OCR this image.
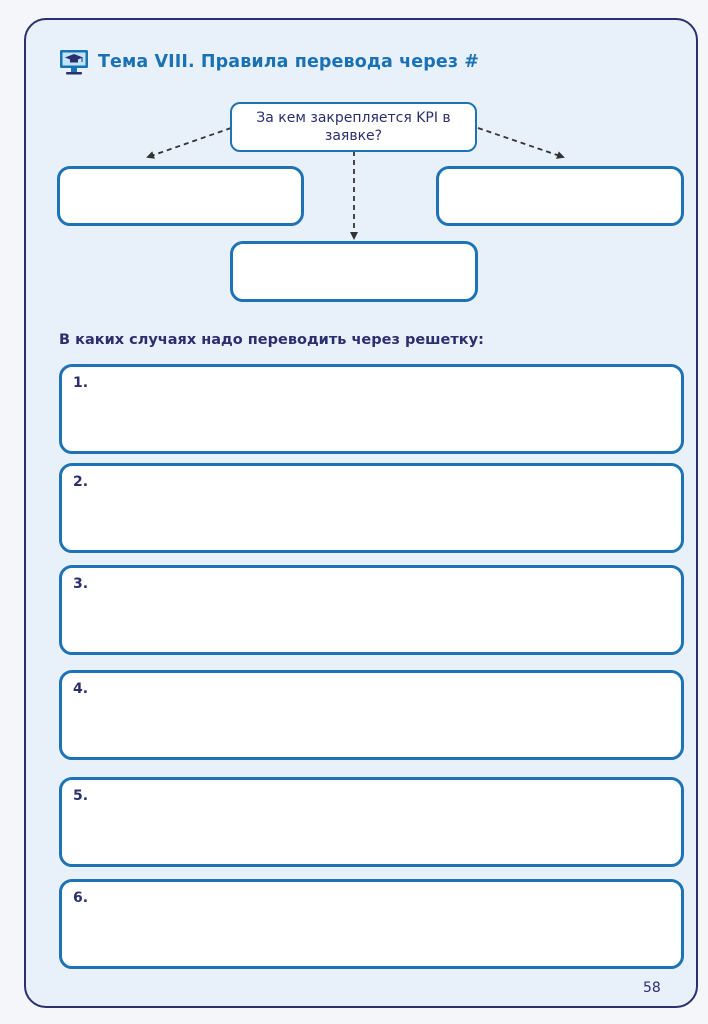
Тема VIII. Правила перевода через #
За кем закрепляется KPI в заявке?
В каких случаях надо переводить через решетку:
1.
2.
3.
4.
5.
6.
58
